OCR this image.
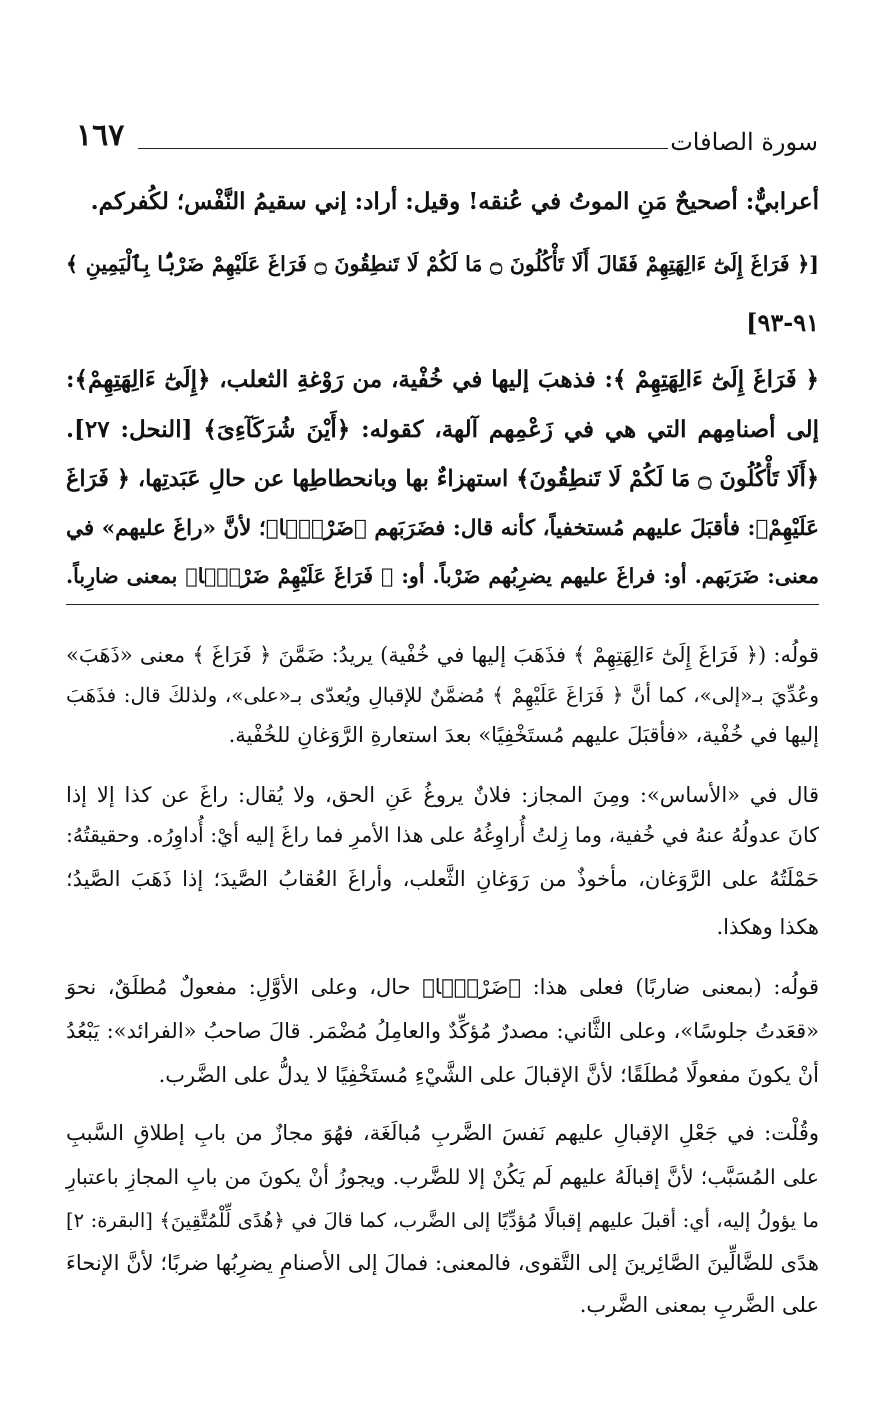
١٦٧	سورة الصافات
أعرابيٌّ: أصحيحٌ مَنِ الموتُ في عُنقه! وقيل: أراد: إني سقيمُ النَّفْس؛ لكُفركم.
[﴿ فَرَاغَ إِلَىٰٓ ءَالِهَتِهِمْ فَقَالَ أَلَا تَأْكُلُونَ ۝ مَا لَكُمْ لَا تَنطِقُونَ ۝ فَرَاغَ عَلَيْهِمْ ضَرْبًۢا بِٱلْيَمِينِ ﴾
٩١-٩٣]
﴿ فَرَاغَ إِلَىٰٓ ءَالِهَتِهِمْ ﴾: فذهبَ إليها في خُفْية، من رَوْغةِ الثعلب، ﴿إِلَىٰٓ ءَالِهَتِهِمْ﴾:
إلى أصنامِهم التي هي في زَعْمِهم آلهة، كقوله: ﴿أَيْنَ شُرَكَآءِىَ﴾ [النحل: ٢٧].
﴿أَلَا تَأْكُلُونَ ۝ مَا لَكُمْ لَا تَنطِقُونَ﴾ استهزاءٌ بها وبانحطاطِها عن حالِ عَبَدتِها، ﴿ فَرَاغَ
عَلَيْهِمْ﴾: فأقبَلَ عليهم مُستخفياً، كأنه قال: فضَرَبَهم ﴿ضَرْبًۢا﴾؛ لأنَّ «راغَ عليهم» في
معنى: ضَرَبَهم. أو: فراغَ عليهم يضرِبُهم ضَرْباً. أو: ﴿ فَرَاغَ عَلَيْهِمْ ضَرْبًۢا﴾ بمعنى ضارِباً.
قولُه: (﴿ فَرَاغَ إِلَىٰٓ ءَالِهَتِهِمْ ﴾ فذَهَبَ إليها في خُفْية) يريدُ: ضَمَّنَ ﴿ فَرَاغَ ﴾ معنى «ذَهَبَ»
وعُدِّيَ بـ«إلى»، كما أنَّ ﴿ فَرَاغَ عَلَيْهِمْ ﴾ مُضمَّنٌ للإقبالِ ويُعدّى بـ«على»، ولذلكَ قال: فذَهَبَ
إليها في خُفْية، «فأقبَلَ عليهم مُستَخْفِيًا» بعدَ استعارةِ الرَّوَغانِ للخُفْية.
قال في «الأساس»: ومِنَ المجاز: فلانٌ يروغُ عَنِ الحق، ولا يُقال: راغَ عن كذا إلا إذا
كانَ عدولُهُ عنهُ في خُفية، وما زِلتُ أُراوِغُهُ على هذا الأمرِ فما راغَ إليه أيْ: أُداوِرُه. وحقيقتُهُ:
حَمْلَتُهُ على الرَّوَغان، مأخوذٌ من رَوَغانِ الثَّعلب، وأراغَ العُقابُ الصَّيدَ؛ إذا ذَهَبَ الصَّيدُ؛
هكذا وهكذا.
قولُه: (بمعنى ضاربًا) فعلى هذا: ﴿ضَرْبًۢا﴾ حال، وعلى الأوَّلِ: مفعولٌ مُطلَقٌ، نحوَ
«قعَدتُ جلوسًا»، وعلى الثَّاني: مصدرٌ مُؤكِّدٌ والعامِلُ مُضْمَر. قالَ صاحبُ «الفرائد»: يَبْعُدُ
أنْ يكونَ مفعولًا مُطلَقًا؛ لأنَّ الإقبالَ على الشَّيْءِ مُستَخْفِيًا لا يدلُّ على الضَّرب.
وقُلْت: في جَعْلِ الإقبالِ عليهم نَفسَ الضَّربِ مُبالَغَة، فهُوَ مجازٌ من بابِ إطلاقِ السَّببِ
على المُسَبَّب؛ لأنَّ إقبالَهُ عليهم لَم يَكُنْ إلا للضَّرب. ويجوزُ أنْ يكونَ من بابِ المجازِ باعتبارِ
ما يؤولُ إليه، أي: أقبلَ عليهم إقبالًا مُؤدِّيًا إلى الضَّرب، كما قالَ في ﴿هُدًى لِّلْمُتَّقِينَ﴾ [البقرة: ٢]
هدًى للضَّالِّينَ الصَّائِرينَ إلى التَّقوى، فالمعنى: فمالَ إلى الأصنامِ يضرِبُها ضربًا؛ لأنَّ الإنحاءَ
على الضَّربِ بمعنى الضَّرب.
